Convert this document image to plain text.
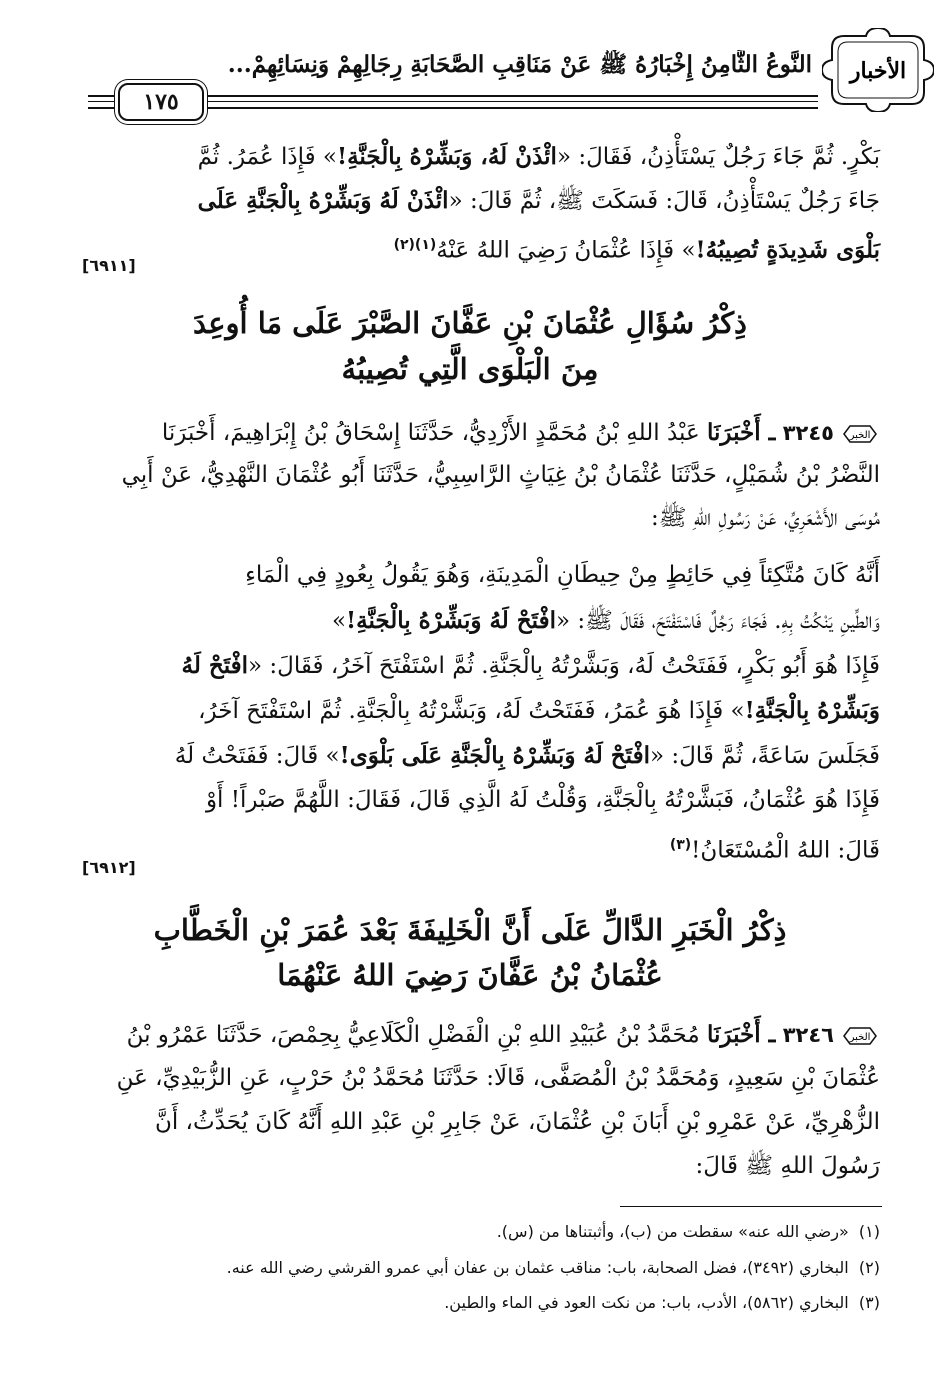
الأخبار
النَّوعُ الثَّامِنُ إِخْبَارُهُ ﷺ عَنْ مَنَاقِبِ الصَّحَابَةِ رِجَالِهِمْ وَنِسَائِهِمْ...
١٧٥
بَكْرٍ. ثُمَّ جَاءَ رَجُلٌ يَسْتَأْذِنُ، فَقَالَ: «ائْذَنْ لَهُ، وَبَشِّرْهُ بِالْجَنَّةِ!» فَإِذَا عُمَرُ. ثُمَّ
جَاءَ رَجُلٌ يَسْتَأْذِنُ، قَالَ: فَسَكَتَ ﷺ، ثُمَّ قَالَ: «ائْذَنْ لَهُ وَبَشِّرْهُ بِالْجَنَّةِ عَلَى
بَلْوَى شَدِيدَةٍ تُصِيبُهُ!» فَإِذَا عُثْمَانُ رَضِيَ اللهُ عَنْهُ$^{(١)(٢)}$
[٦٩١١]
ذِكْرُ سُؤَالِ عُثْمَانَ بْنِ عَفَّانَ الصَّبْرَ عَلَى مَا أُوعِدَ
مِنَ الْبَلْوَى الَّتِي تُصِيبُهُ
الخبر
٣٢٤٥ ـ أَخْبَرَنَا عَبْدُ اللهِ بْنُ مُحَمَّدٍ الأَزْدِيُّ، حَدَّثَنَا إِسْحَاقُ بْنُ إِبْرَاهِيمَ، أَخْبَرَنَا
النَّضْرُ بْنُ شُمَيْلٍ، حَدَّثَنَا عُثْمَانُ بْنُ غِيَاثٍ الرَّاسِبِيُّ، حَدَّثَنَا أَبُو عُثْمَانَ النَّهْدِيُّ، عَنْ أَبِي
مُوسَى الأَشْعَرِيِّ، عَنْ رَسُولِ اللهِ ﷺ:
أَنَّهُ كَانَ مُتَّكِئاً فِي حَائِطٍ مِنْ حِيطَانِ الْمَدِينَةِ، وَهُوَ يَقُولُ بِعُودٍ فِي الْمَاءِ
وَالطِّينِ يَنْكُتُ بِهِ. فَجَاءَ رَجُلٌ فَاسْتَفْتَحَ، فَقَالَ ﷺ: «افْتَحْ لَهُ وَبَشِّرْهُ بِالْجَنَّةِ!»
فَإِذَا هُوَ أَبُو بَكْرٍ، فَفَتَحْتُ لَهُ، وَبَشَّرْتُهُ بِالْجَنَّةِ. ثُمَّ اسْتَفْتَحَ آخَرُ، فَقَالَ: «افْتَحْ لَهُ
وَبَشِّرْهُ بِالْجَنَّةِ!» فَإِذَا هُوَ عُمَرُ، فَفَتَحْتُ لَهُ، وَبَشَّرْتُهُ بِالْجَنَّةِ. ثُمَّ اسْتَفْتَحَ آخَرُ،
فَجَلَسَ سَاعَةً، ثُمَّ قَالَ: «افْتَحْ لَهُ وَبَشِّرْهُ بِالْجَنَّةِ عَلَى بَلْوَى!» قَالَ: فَفَتَحْتُ لَهُ
فَإِذَا هُوَ عُثْمَانُ، فَبَشَّرْتُهُ بِالْجَنَّةِ، وَقُلْتُ لَهُ الَّذِي قَالَ، فَقَالَ: اللَّهُمَّ صَبْراً! أَوْ
قَالَ: اللهُ الْمُسْتَعَانُ!$^{(٣)}$
[٦٩١٢]
ذِكْرُ الْخَبَرِ الدَّالِّ عَلَى أَنَّ الْخَلِيفَةَ بَعْدَ عُمَرَ بْنِ الْخَطَّابِ
عُثْمَانُ بْنُ عَفَّانَ رَضِيَ اللهُ عَنْهُمَا
الخبر
٣٢٤٦ ـ أَخْبَرَنَا مُحَمَّدُ بْنُ عُبَيْدِ اللهِ بْنِ الْفَضْلِ الْكَلَاعِيُّ بِحِمْصَ، حَدَّثَنَا عَمْرُو بْنُ
عُثْمَانَ بْنِ سَعِيدٍ، وَمُحَمَّدُ بْنُ الْمُصَفَّى، قَالَا: حَدَّثَنَا مُحَمَّدُ بْنُ حَرْبٍ، عَنِ الزُّبَيْدِيِّ، عَنِ
الزُّهْرِيِّ، عَنْ عَمْرِو بْنِ أَبَانَ بْنِ عُثْمَانَ، عَنْ جَابِرِ بْنِ عَبْدِ اللهِ أَنَّهُ كَانَ يُحَدِّثُ، أَنَّ
رَسُولَ اللهِ ﷺ قَالَ:
(١)  «رضي الله عنه» سقطت من (ب)، وأثبتناها من (س).
(٢)  البخاري (٣٤٩٢)، فضل الصحابة، باب: مناقب عثمان بن عفان أبي عمرو القرشي رضي الله عنه.
(٣)  البخاري (٥٨٦٢)، الأدب، باب: من نكت العود في الماء والطين.
